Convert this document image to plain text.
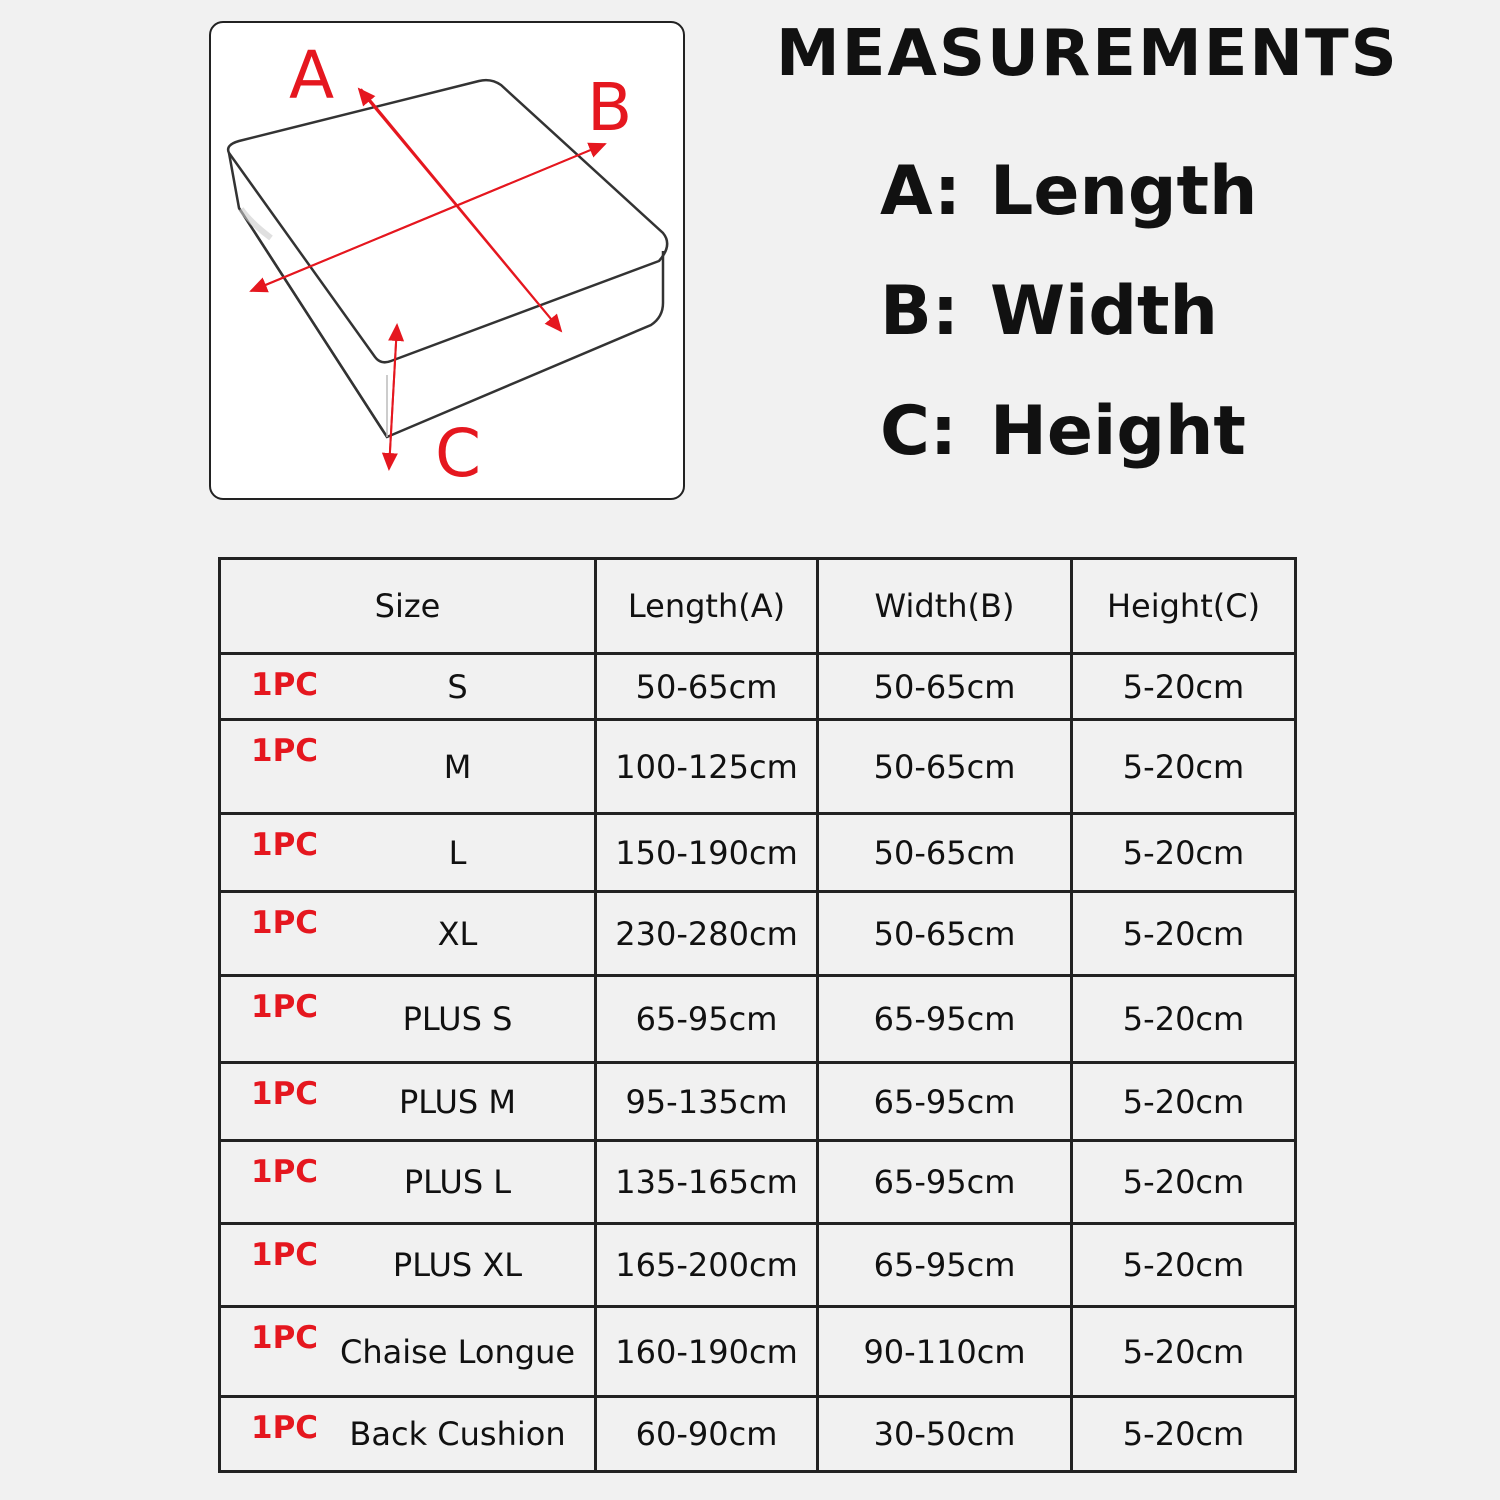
A	B
C
MEASUREMENTS
A: Length
B: Width
C: Height
Size	Length(A)	Width(B)	Height(C)

1PC S	50-65cm	50-65cm	5-20cm

1PC M	100-125cm	50-65cm	5-20cm

1PC L	150-190cm	50-65cm	5-20cm

1PC XL	230-280cm	50-65cm	5-20cm

1PC PLUS S	65-95cm	65-95cm	5-20cm

1PC PLUS M	95-135cm	65-95cm	5-20cm

1PC PLUS L	135-165cm	65-95cm	5-20cm

1PC PLUS XL	165-200cm	65-95cm	5-20cm

1PC Chaise Longue	160-190cm	90-110cm	5-20cm

1PC Back Cushion	60-90cm	30-50cm	5-20cm
